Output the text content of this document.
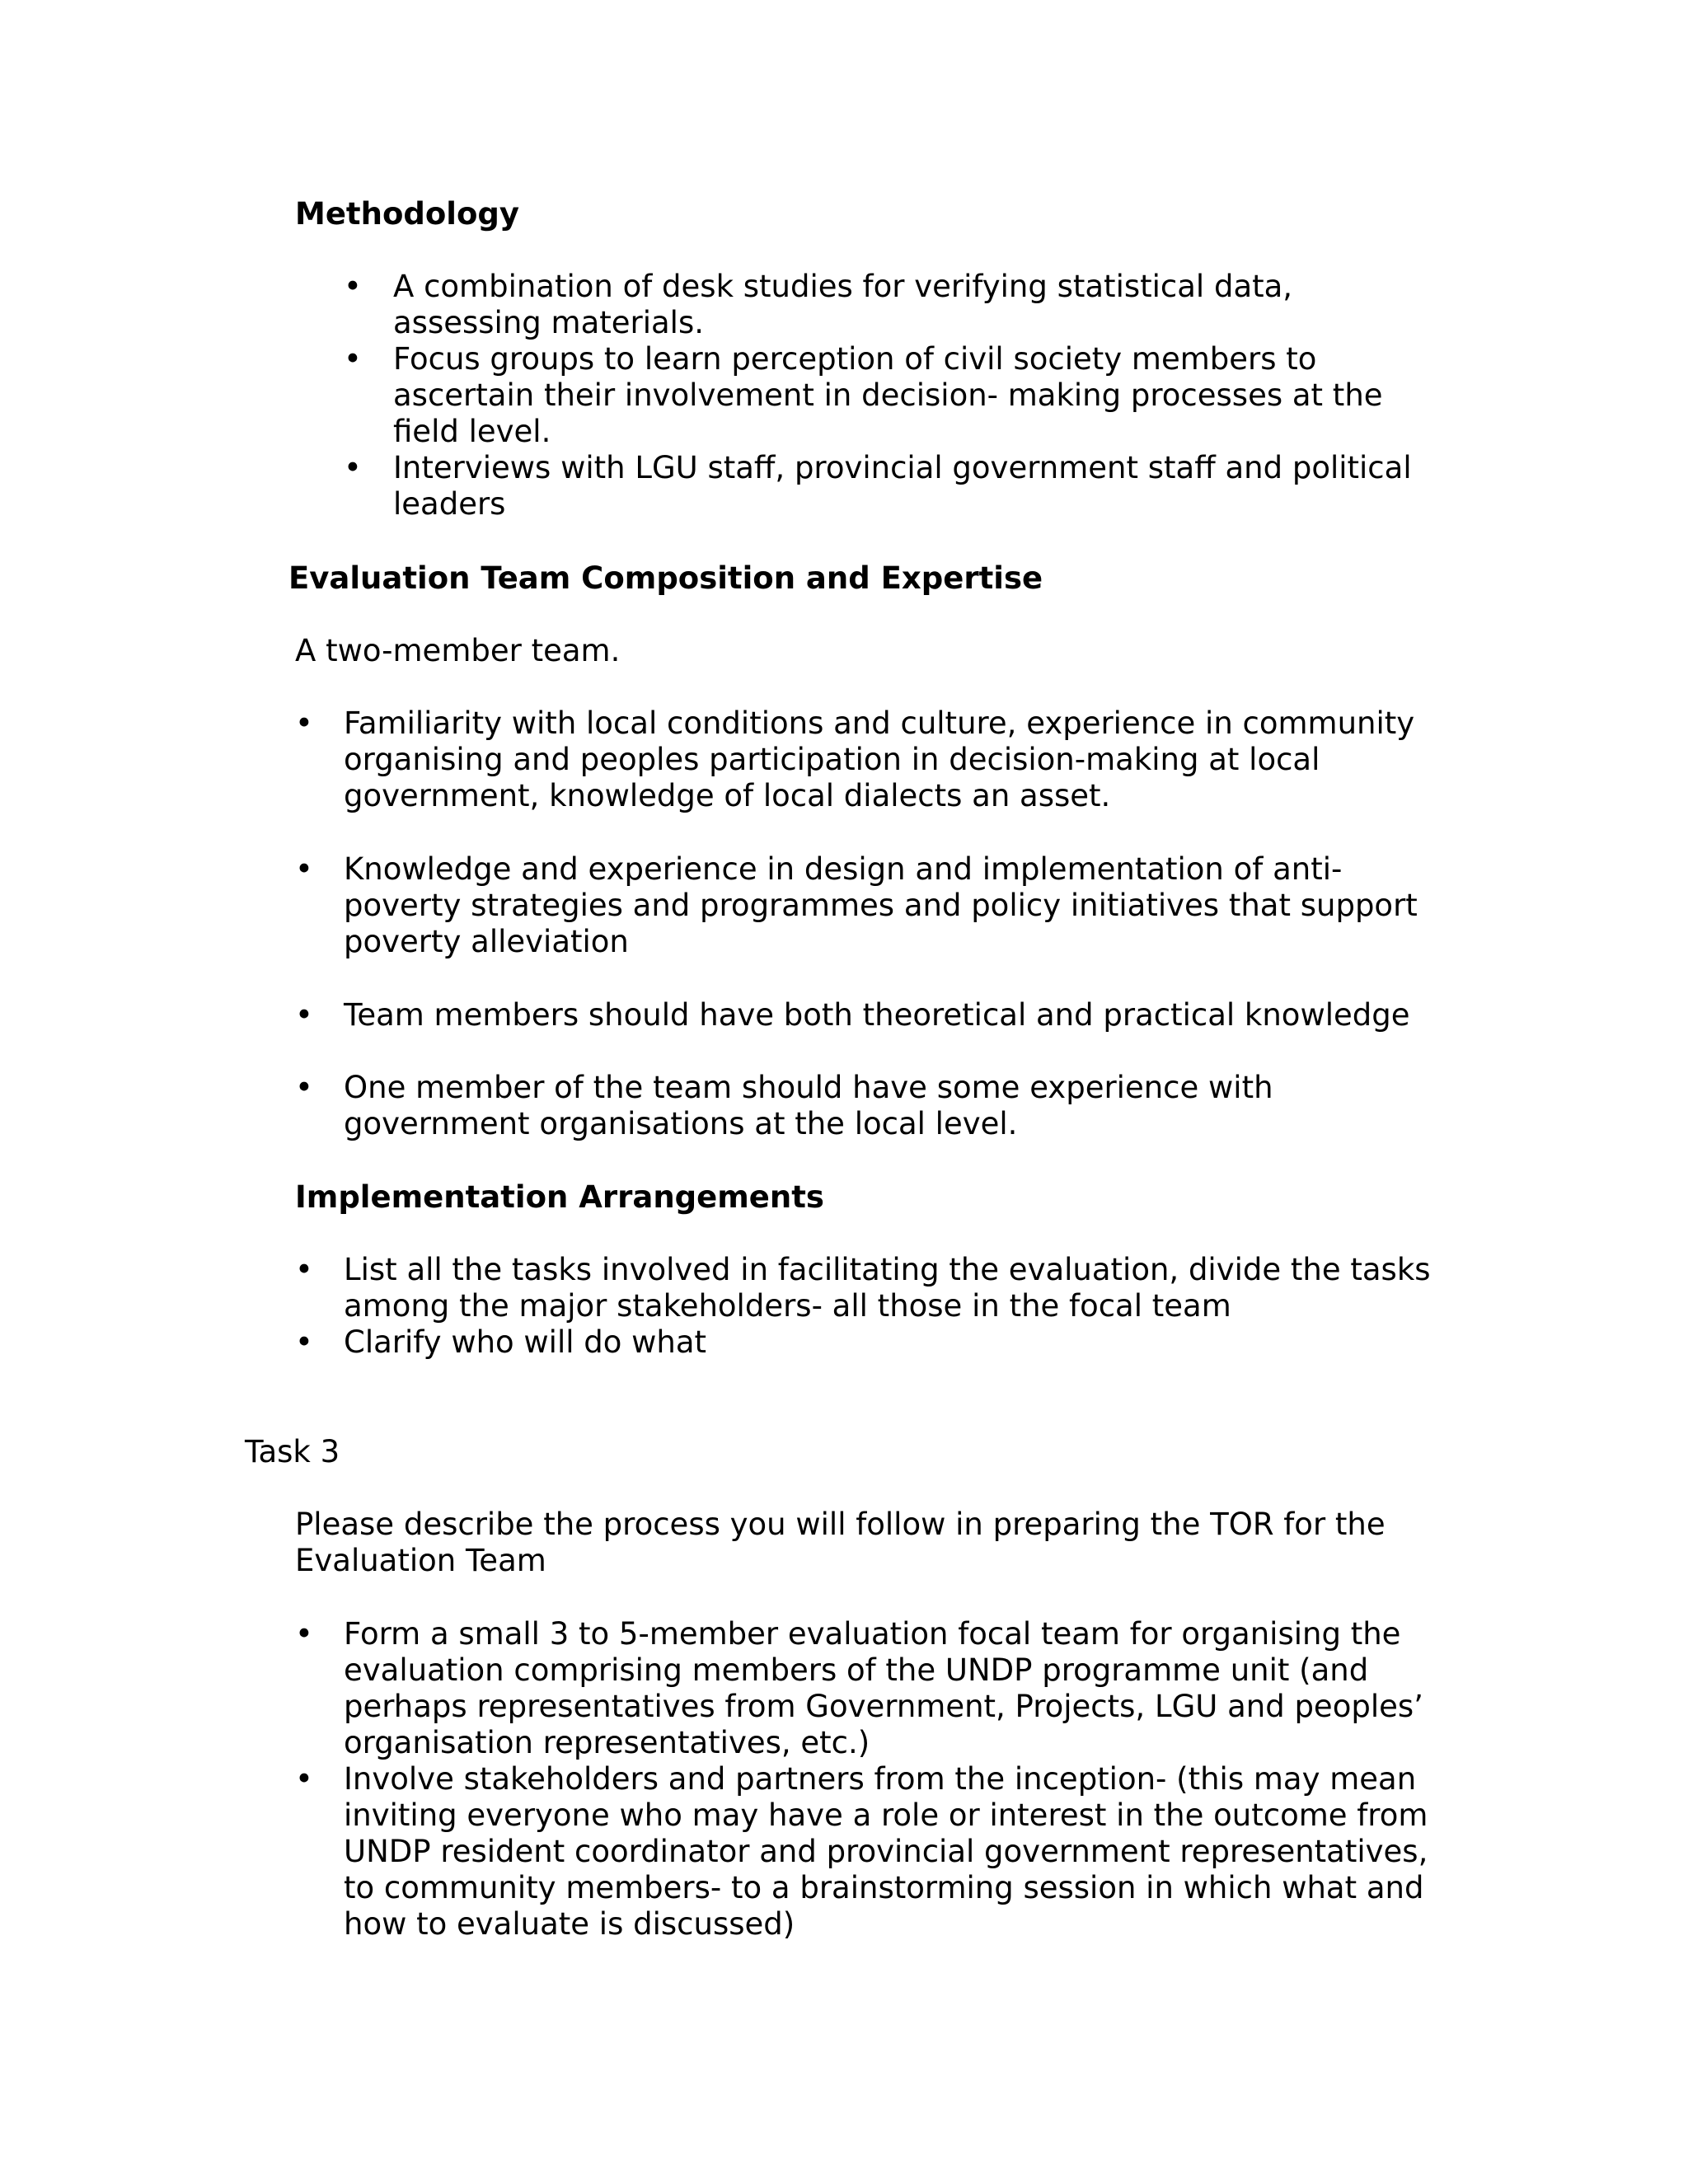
Methodology
• A combination of desk studies for verifying statistical data,
assessing materials.
• Focus groups to learn perception of civil society members to
ascertain their involvement in decision- making processes at the
field level.
• Interviews with LGU staff, provincial government staff and political
leaders
Evaluation Team Composition and Expertise
A two-member team.
• Familiarity with local conditions and culture, experience in community
organising and peoples participation in decision-making at local
government, knowledge of local dialects an asset.
• Knowledge and experience in design and implementation of anti-
poverty strategies and programmes and policy initiatives that support
poverty alleviation
• Team members should have both theoretical and practical knowledge
• One member of the team should have some experience with
government organisations at the local level.
Implementation Arrangements
• List all the tasks involved in facilitating the evaluation, divide the tasks
among the major stakeholders- all those in the focal team
• Clarify who will do what
Task 3
Please describe the process you will follow in preparing the TOR for the
Evaluation Team
• Form a small 3 to 5-member evaluation focal team for organising the
evaluation comprising members of the UNDP programme unit (and
perhaps representatives from Government, Projects, LGU and peoples’
organisation representatives, etc.)
• Involve stakeholders and partners from the inception- (this may mean
inviting everyone who may have a role or interest in the outcome from
UNDP resident coordinator and provincial government representatives,
to community members- to a brainstorming session in which what and
how to evaluate is discussed)
